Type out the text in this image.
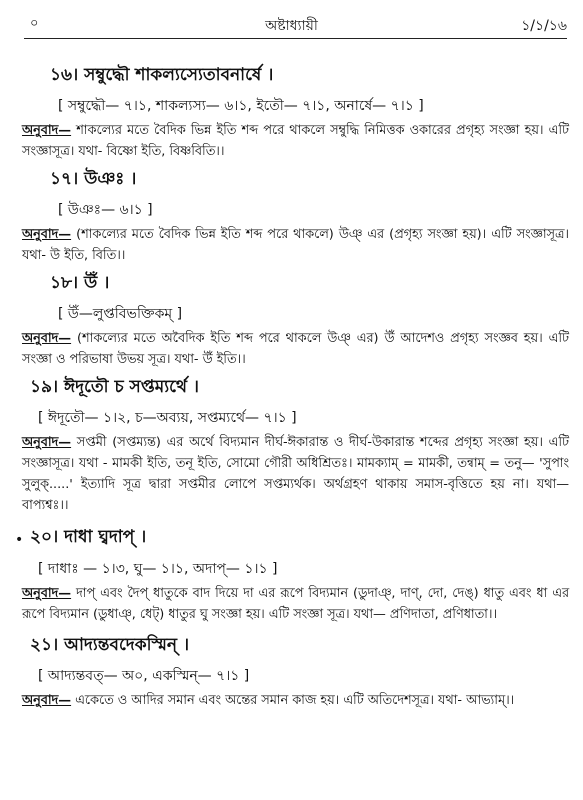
০	অষ্টাধ্যায়ী	১/১/১৬
১৬। সম্বুদ্ধৌ শাকল্যস্যেতাবনার্ষে ।
[ সম্বুদ্ধৌ— ৭।১, শাকল্যস্য— ৬।১, ইতৌ— ৭।১, অনার্ষে— ৭।১ ]
অনুবাদ— শাকল্যের মতে বৈদিক ভিন্ন ইতি শব্দ পরে থাকলে সম্বুদ্ধি নিমিত্তক ওকারের প্রগৃহ্য সংজ্ঞা হয়। এটি সংজ্ঞাসূত্র। যথা- বিষ্ণো ইতি, বিষ্ণবিতি।।
১৭। উঞঃ ।
[ উঞঃ— ৬।১ ]
অনুবাদ— (শাকল্যের মতে বৈদিক ভিন্ন ইতি শব্দ পরে থাকলে) উঞ্ এর (প্রগৃহ্য সংজ্ঞা হয়)। এটি সংজ্ঞাসূত্র। যথা- উ ইতি, বিতি।।
১৮। উঁ ।
[ উঁ—লুপ্তবিভক্তিকম্ ]
অনুবাদ— (শাকল্যের মতে অবৈদিক ইতি শব্দ পরে থাকলে উঞ্ এর) উঁ আদেশও প্রগৃহ্য সংজ্ঞব হয়। এটি সংজ্ঞা ও পরিভাষা উভয় সূত্র। যথা- উঁ ইতি।।
১৯। ঈদূতৌ চ সপ্তম্যর্থে ।
[ ঈদূতৌ— ১।২, চ—অব্যয়, সপ্তম্যর্থে— ৭।১ ]
অনুবাদ— সপ্তমী (সপ্তম্যন্ত) এর অর্থে বিদ্যমান দীর্ঘ-ঈকারান্ত ও দীর্ঘ-উকারান্ত শব্দের প্রগৃহ্য সংজ্ঞা হয়। এটি সংজ্ঞাসূত্র। যথা - মামকী ইতি, তনূ ইতি, সোমো গৌরী অধিশ্রিতঃ। মামক্যাম্ = মামকী, তন্বাম্ = তনু— 'সুপাং সুলুক্.....' ইত্যাদি সূত্র দ্বারা সপ্তমীর লোপে সপ্তম্যর্থক। অর্থগ্রহণ থাকায় সমাস-বৃত্তিতে হয় না। যথা— বাপ্যশ্বঃ।।
• ২০। দাধা ঘ্বদাপ্ ।
[ দাধাঃ — ১।৩, ঘু— ১।১, অদাপ্— ১।১ ]
অনুবাদ— দাপ্ এবং দৈপ্ ধাতুকে বাদ দিয়ে দা এর রূপে বিদ্যমান (ডুদাঞ্, দাণ্, দো, দেঙ্) ধাতু এবং ধা এর রূপে বিদ্যমান (ডুধাঞ্, ধেট্) ধাতুর ঘু সংজ্ঞা হয়। এটি সংজ্ঞা সূত্র। যথা— প্রণিদাতা, প্রণিধাতা।।
২১। আদ্যন্তবদেকস্মিন্ ।
[ আদ্যন্তবত্— অ০, একস্মিন্— ৭।১ ]
অনুবাদ— একেতে ও আদির সমান এবং অন্তের সমান কাজ হয়। এটি অতিদেশসূত্র। যথা- আভ্যাম্।।
